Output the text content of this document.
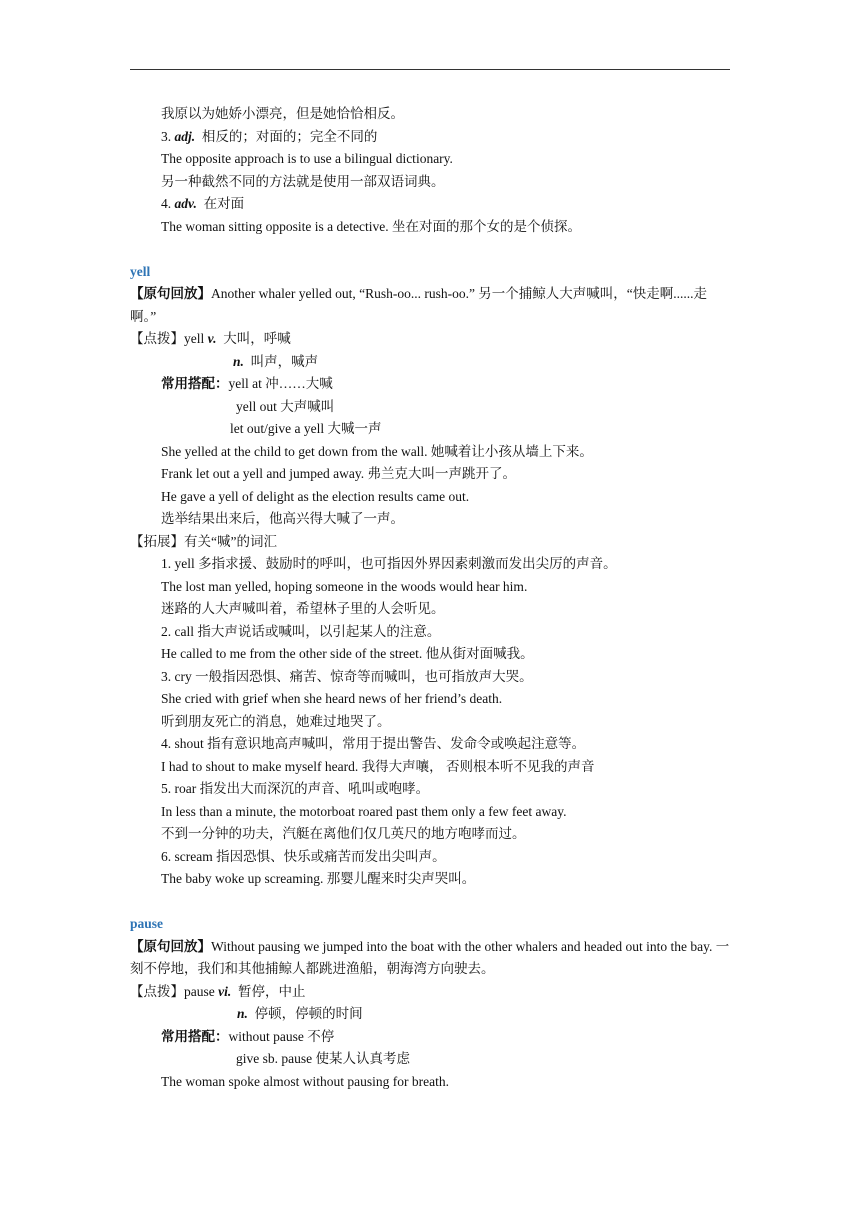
我原以为她娇小漂亮，但是她恰恰相反。
3. adj. 相反的；对面的；完全不同的
The opposite approach is to use a bilingual dictionary.
另一种截然不同的方法就是使用一部双语词典。
4. adv. 在对面
The woman sitting opposite is a detective. 坐在对面的那个女的是个侦探。
yell
【原句回放】Another whaler yelled out, “Rush-oo... rush-oo.” 另一个捕鲸人大声喊叫，“快走啊......走啊。”
【点拨】yell v. 大叫，呼喊
n. 叫声，喊声
常用搭配：yell at 冲……大喊
yell out 大声喊叫
let out/give a yell 大喊一声
She yelled at the child to get down from the wall. 她喊着让小孩从墙上下来。
Frank let out a yell and jumped away. 弗兰克大叫一声跳开了。
He gave a yell of delight as the election results came out.
选举结果出来后，他高兴得大喊了一声。
【拓展】有关“喊”的词汇
1. yell 多指求援、鼓励时的呼叫，也可指因外界因素刺激而发出尖厉的声音。
The lost man yelled, hoping someone in the woods would hear him.
迷路的人大声喊叫着，希望林子里的人会听见。
2. call 指大声说话或喊叫，以引起某人的注意。
He called to me from the other side of the street. 他从街对面喊我。
3. cry 一般指因恐惧、痛苦、惊奇等而喊叫，也可指放声大哭。
She cried with grief when she heard news of her friend’s death.
听到朋友死亡的消息，她难过地哭了。
4. shout 指有意识地高声喊叫，常用于提出警告、发命令或唤起注意等。
I had to shout to make myself heard. 我得大声嚷， 否则根本听不见我的声音
5. roar 指发出大而深沉的声音、吼叫或咆哮。
In less than a minute, the motorboat roared past them only a few feet away.
不到一分钟的功夫，汽艇在离他们仅几英尺的地方咆哮而过。
6. scream 指因恐惧、快乐或痛苦而发出尖叫声。
The baby woke up screaming. 那婴儿醒来时尖声哭叫。
pause
【原句回放】Without pausing we jumped into the boat with the other whalers and headed out into the bay. 一刻不停地，我们和其他捕鲸人都跳进渔船，朝海湾方向驶去。
【点拨】pause vi. 暂停，中止
n. 停顿，停顿的时间
常用搭配：without pause 不停
give sb. pause 使某人认真考虑
The woman spoke almost without pausing for breath.
